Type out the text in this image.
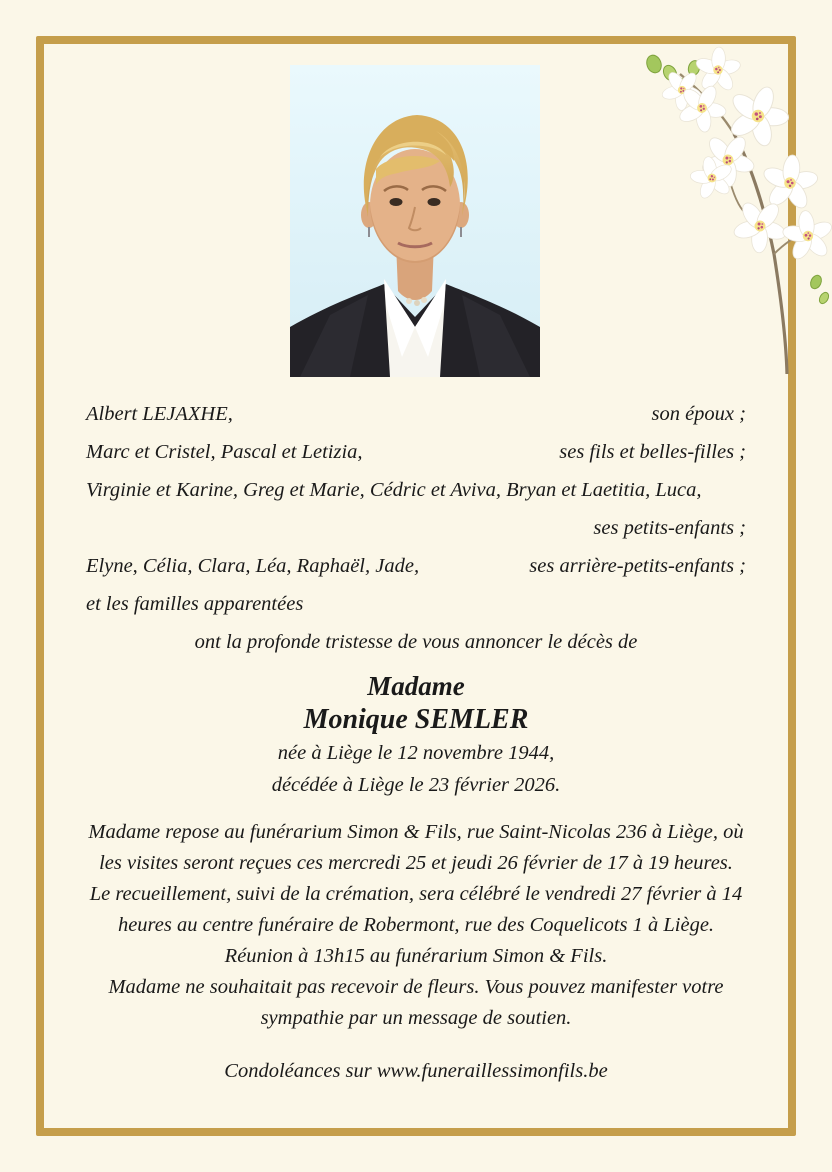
Albert LEJAXHE,	son époux ;
Marc et Cristel, Pascal et Letizia,	ses fils et belles-filles ;
Virginie et Karine, Greg et Marie, Cédric et Aviva, Bryan et Laetitia, Luca,
ses petits-enfants ;
Elyne, Célia, Clara, Léa, Raphaël, Jade,	ses arrière-petits-enfants ;
et les familles apparentées
ont la profonde tristesse de vous annoncer le décès de
Madame
Monique SEMLER
née à Liège le 12 novembre 1944,
décédée à Liège le 23 février 2026.
Madame repose au funérarium Simon & Fils, rue Saint-Nicolas 236 à Liège, où les visites seront reçues ces mercredi 25 et jeudi 26 février de 17 à 19 heures.
Le recueillement, suivi de la crémation, sera célébré le vendredi 27 février à 14 heures au centre funéraire de Robermont, rue des Coquelicots 1 à Liège.
Réunion à 13h15 au funérarium Simon & Fils.
Madame ne souhaitait pas recevoir de fleurs. Vous pouvez manifester votre sympathie par un message de soutien.
Condoléances sur www.funeraillessimonfils.be
